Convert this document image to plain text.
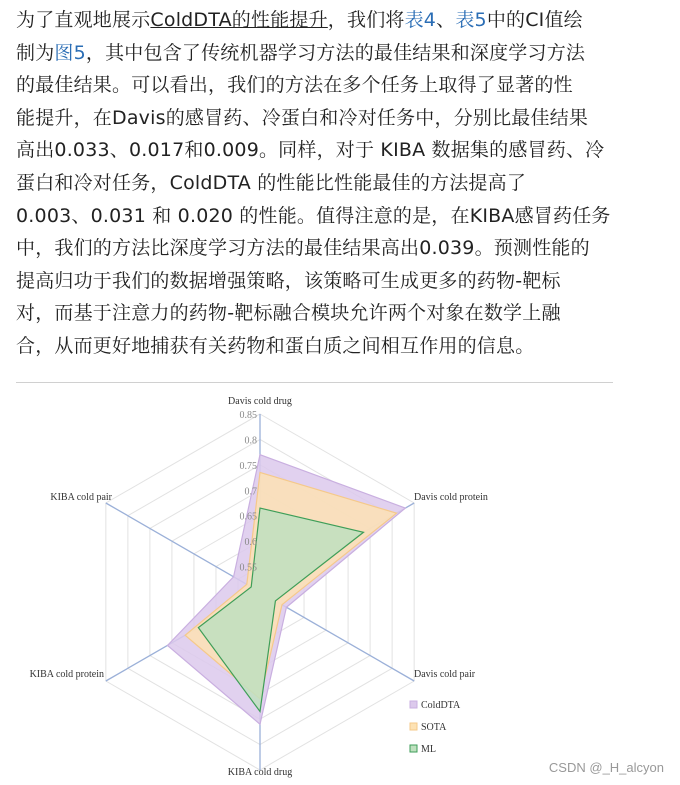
为了直观地展示ColdDTA的性能提升，我们将表4、表5中的CI值绘
制为图5，其中包含了传统机器学习方法的最佳结果和深度学习方法
的最佳结果。可以看出，我们的方法在多个任务上取得了显著的性
能提升，在Davis的感冒药、冷蛋白和冷对任务中，分别比最佳结果
高出0.033、0.017和0.009。同样，对于 KIBA 数据集的感冒药、冷
蛋白和冷对任务，ColdDTA 的性能比性能最佳的方法提高了
0.003、0.031 和 0.020 的性能。值得注意的是，在KIBA感冒药任务
中，我们的方法比深度学习方法的最佳结果高出0.039。预测性能的
提高归功于我们的数据增强策略，该策略可生成更多的药物-靶标
对，而基于注意力的药物-靶标融合模块允许两个对象在数学上融
合，从而更好地捕获有关药物和蛋白质之间相互作用的信息。
0.55
0.6
0.65
0.7
0.75
0.8
0.85
Davis cold drug
Davis cold protein
Davis cold pair
KIBA cold drug
KIBA cold protein
KIBA cold pair
ColdDTA
SOTA
ML
CSDN @_H_alcyon
